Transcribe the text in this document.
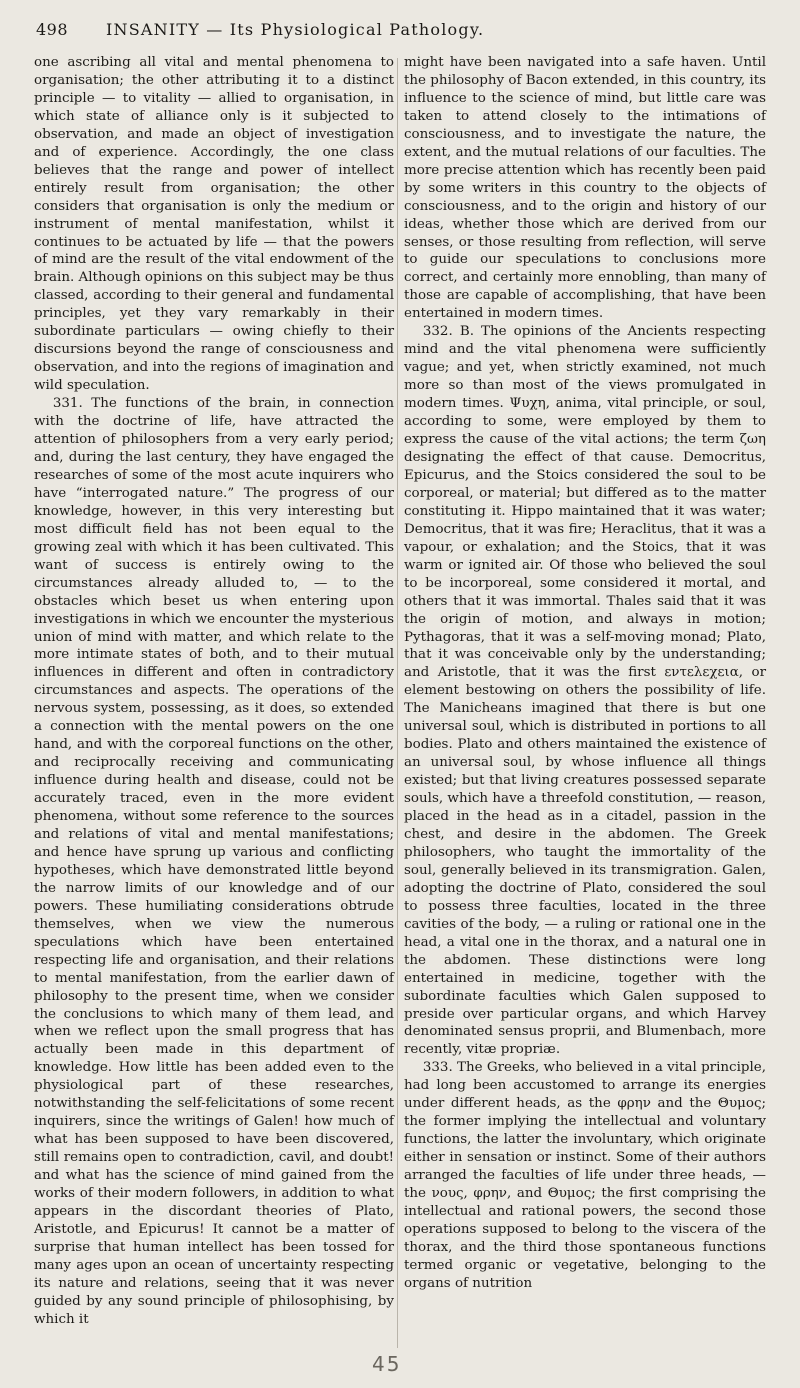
498 INSANITY — Its Physiological Pathology.

one ascribing all vital and mental phenomena to organisation; the other attributing it to a distinct principle — to vitality — allied to organisation, in which state of alliance only is it subjected to observation, and made an object of investigation and of experience. Accordingly, the one class believes that the range and power of intellect entirely result from organisation; the other considers that organisation is only the medium or instrument of mental manifestation, whilst it continues to be actuated by life — that the powers of mind are the result of the vital endowment of the brain. Although opinions on this subject may be thus classed, according to their general and fundamental principles, yet they vary remarkably in their subordinate particulars — owing chiefly to their discursions beyond the range of consciousness and observation, and into the regions of imagination and wild speculation.

331. The functions of the brain, in connection with the doctrine of life, have attracted the attention of philosophers from a very early period; and, during the last century, they have engaged the researches of some of the most acute inquirers who have “interrogated nature.” The progress of our knowledge, however, in this very interesting but most difficult field has not been equal to the growing zeal with which it has been cultivated. This want of success is entirely owing to the circumstances already alluded to, — to the obstacles which beset us when entering upon investigations in which we encounter the mysterious union of mind with matter, and which relate to the more intimate states of both, and to their mutual influences in different and often in contradictory circumstances and aspects. The operations of the nervous system, possessing, as it does, so extended a connection with the mental powers on the one hand, and with the corporeal functions on the other, and reciprocally receiving and communicating influence during health and disease, could not be accurately traced, even in the more evident phenomena, without some reference to the sources and relations of vital and mental manifestations; and hence have sprung up various and conflicting hypotheses, which have demonstrated little beyond the narrow limits of our knowledge and of our powers. These humiliating considerations obtrude themselves, when we view the numerous speculations which have been entertained respecting life and organisation, and their relations to mental manifestation, from the earlier dawn of philosophy to the present time, when we consider the conclusions to which many of them lead, and when we reflect upon the small progress that has actually been made in this department of knowledge. How little has been added even to the physiological part of these researches, notwithstanding the self-felicitations of some recent inquirers, since the writings of Galen! how much of what has been supposed to have been discovered, still remains open to contradiction, cavil, and doubt! and what has the science of mind gained from the works of their modern followers, in addition to what appears in the discordant theories of Plato, Aristotle, and Epicurus! It cannot be a matter of surprise that human intellect has been tossed for many ages upon an ocean of uncertainty respecting its nature and relations, seeing that it was never guided by any sound principle of philosophising, by which it

might have been navigated into a safe haven. Until the philosophy of Bacon extended, in this country, its influence to the science of mind, but little care was taken to attend closely to the intimations of consciousness, and to investigate the nature, the extent, and the mutual relations of our faculties. The more precise attention which has recently been paid by some writers in this country to the objects of consciousness, and to the origin and history of our ideas, whether those which are derived from our senses, or those resulting from reflection, will serve to guide our speculations to conclusions more correct, and certainly more ennobling, than many of those are capable of accomplishing, that have been entertained in modern times.

332. B. The opinions of the Ancients respecting mind and the vital phenomena were sufficiently vague; and yet, when strictly examined, not much more so than most of the views promulgated in modern times. Ψυχη, anima, vital principle, or soul, according to some, were employed by them to express the cause of the vital actions; the term ζωη designating the effect of that cause. Democritus, Epicurus, and the Stoics considered the soul to be corporeal, or material; but differed as to the matter constituting it. Hippo maintained that it was water; Democritus, that it was fire; Heraclitus, that it was a vapour, or exhalation; and the Stoics, that it was warm or ignited air. Of those who believed the soul to be incorporeal, some considered it mortal, and others that it was immortal. Thales said that it was the origin of motion, and always in motion; Pythagoras, that it was a self-moving monad; Plato, that it was conceivable only by the understanding; and Aristotle, that it was the first εντελεχεια, or element bestowing on others the possibility of life. The Manicheans imagined that there is but one universal soul, which is distributed in portions to all bodies. Plato and others maintained the existence of an universal soul, by whose influence all things existed; but that living creatures possessed separate souls, which have a threefold constitution, — reason, placed in the head as in a citadel, passion in the chest, and desire in the abdomen. The Greek philosophers, who taught the immortality of the soul, generally believed in its transmigration. Galen, adopting the doctrine of Plato, considered the soul to possess three faculties, located in the three cavities of the body, — a ruling or rational one in the head, a vital one in the thorax, and a natural one in the abdomen. These distinctions were long entertained in medicine, together with the subordinate faculties which Galen supposed to preside over particular organs, and which Harvey denominated sensus proprii, and Blumenbach, more recently, vitæ propriæ.

333. The Greeks, who believed in a vital principle, had long been accustomed to arrange its energies under different heads, as the φρην and the Θυμος; the former implying the intellectual and voluntary functions, the latter the involuntary, which originate either in sensation or instinct. Some of their authors arranged the faculties of life under three heads, — the νους, φρην, and Θυμος; the first comprising the intellectual and rational powers, the second those operations supposed to belong to the viscera of the thorax, and the third those spontaneous functions termed organic or vegetative, belonging to the organs of nutrition

45
